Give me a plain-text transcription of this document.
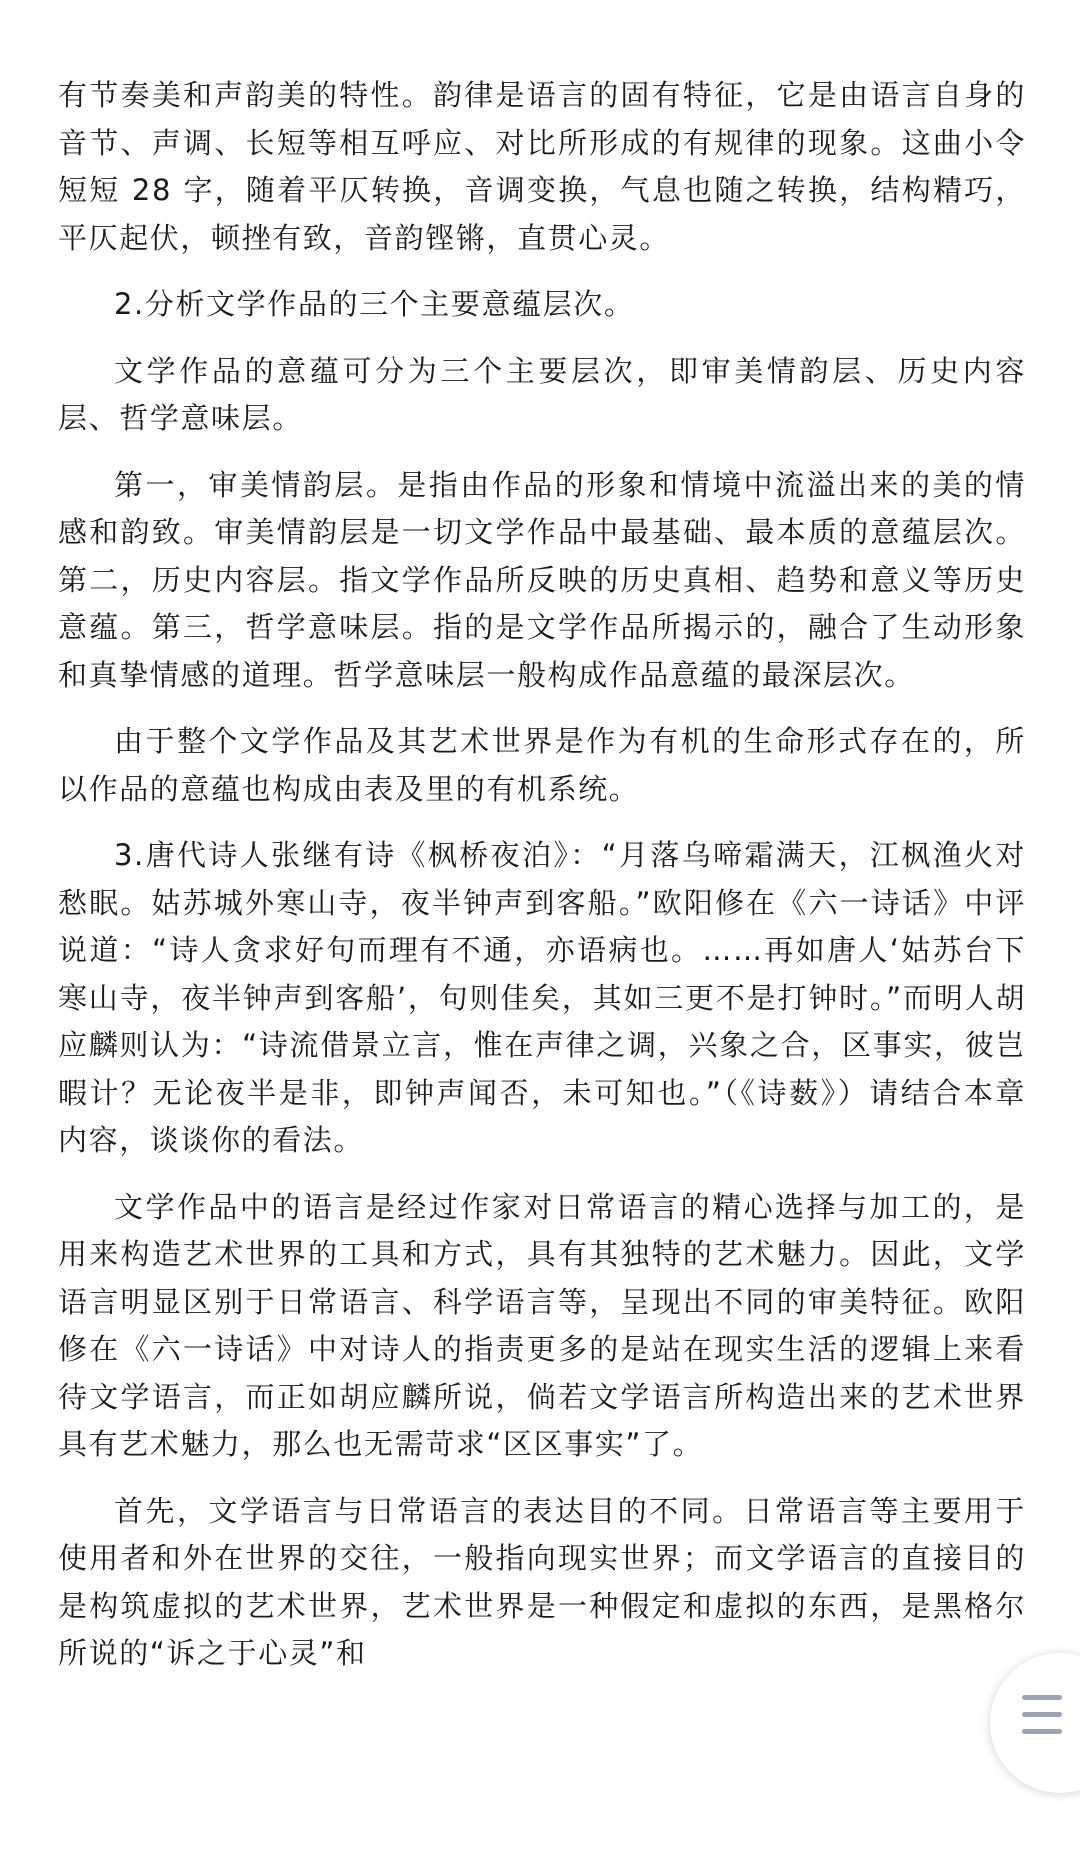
有节奏美和声韵美的特性。韵律是语言的固有特征，它是由语言自身的音节、声调、长短等相互呼应、对比所形成的有规律的现象。这曲小令短短 28 字，随着平仄转换，音调变换，气息也随之转换，结构精巧，平仄起伏，顿挫有致，音韵铿锵，直贯心灵。

2.分析文学作品的三个主要意蕴层次。

文学作品的意蕴可分为三个主要层次，即审美情韵层、历史内容层、哲学意味层。

第一，审美情韵层。是指由作品的形象和情境中流溢出来的美的情感和韵致。审美情韵层是一切文学作品中最基础、最本质的意蕴层次。第二，历史内容层。指文学作品所反映的历史真相、趋势和意义等历史意蕴。第三，哲学意味层。指的是文学作品所揭示的，融合了生动形象和真挚情感的道理。哲学意味层一般构成作品意蕴的最深层次。

由于整个文学作品及其艺术世界是作为有机的生命形式存在的，所以作品的意蕴也构成由表及里的有机系统。

3.唐代诗人张继有诗《枫桥夜泊》：“月落乌啼霜满天，江枫渔火对愁眠。姑苏城外寒山寺，夜半钟声到客船。”欧阳修在《六一诗话》中评说道：“诗人贪求好句而理有不通，亦语病也。……再如唐人‘姑苏台下寒山寺，夜半钟声到客船’，句则佳矣，其如三更不是打钟时。”而明人胡应麟则认为：“诗流借景立言，惟在声律之调，兴象之合，区事实，彼岂暇计？无论夜半是非，即钟声闻否，未可知也。”（《诗薮》）请结合本章内容，谈谈你的看法。

文学作品中的语言是经过作家对日常语言的精心选择与加工的，是用来构造艺术世界的工具和方式，具有其独特的艺术魅力。因此，文学语言明显区别于日常语言、科学语言等，呈现出不同的审美特征。欧阳修在《六一诗话》中对诗人的指责更多的是站在现实生活的逻辑上来看待文学语言，而正如胡应麟所说，倘若文学语言所构造出来的艺术世界具有艺术魅力，那么也无需苛求“区区事实”了。

首先，文学语言与日常语言的表达目的不同。日常语言等主要用于使用者和外在世界的交往，一般指向现实世界；而文学语言的直接目的是构筑虚拟的艺术世界，艺术世界是一种假定和虚拟的东西，是黑格尔所说的“诉之于心灵”和
